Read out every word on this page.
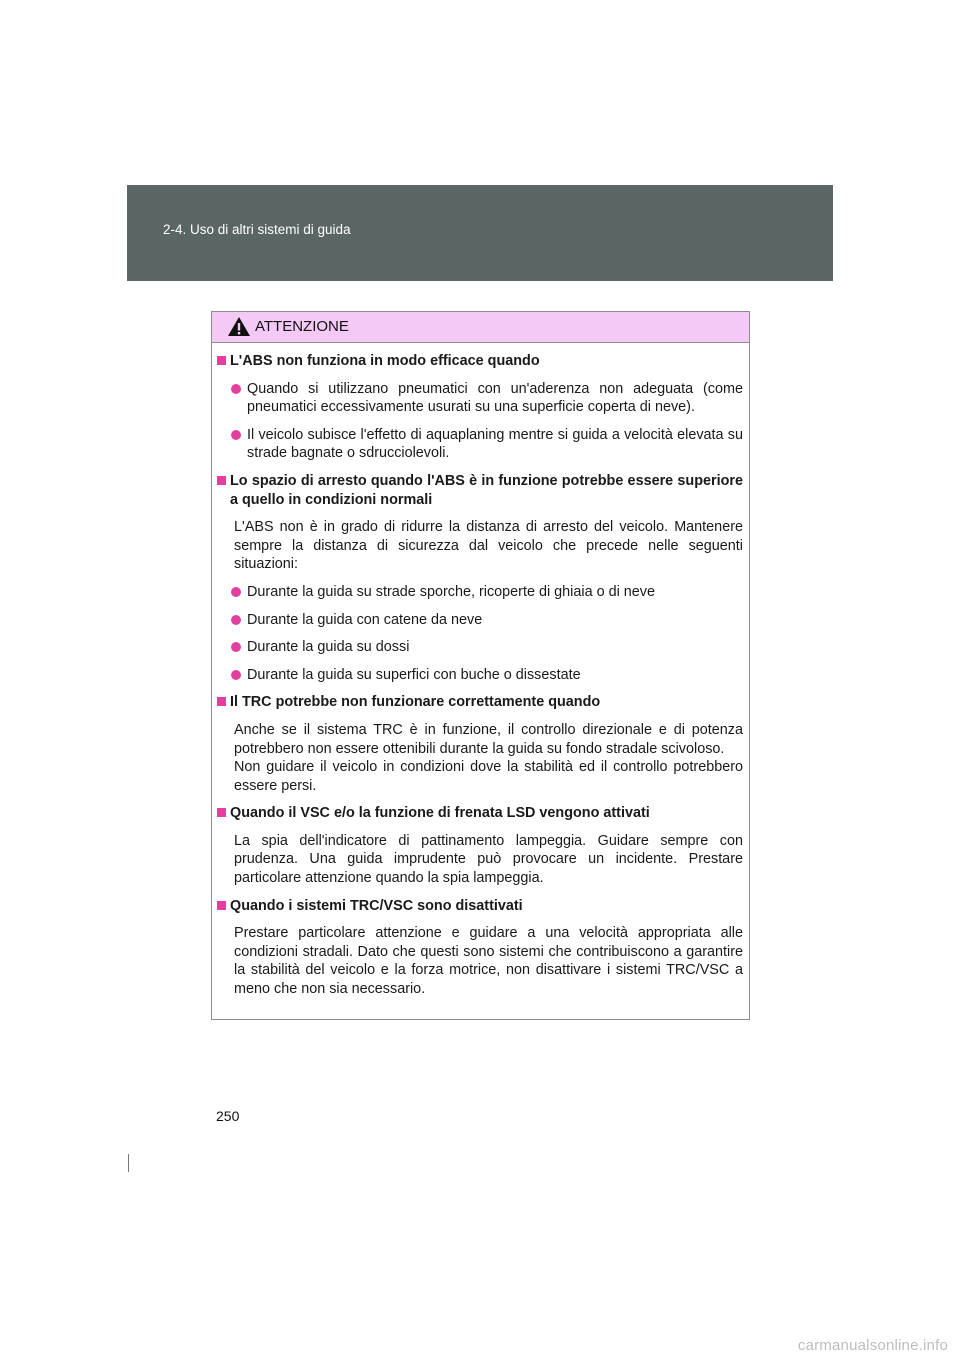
2-4. Uso di altri sistemi di guida
ATTENZIONE

L'ABS non funziona in modo efficace quando

Quando si utilizzano pneumatici con un'aderenza non adeguata (come pneumatici eccessivamente usurati su una superficie coperta di neve).

Il veicolo subisce l'effetto di aquaplaning mentre si guida a velocità elevata su strade bagnate o sdrucciolevoli.

Lo spazio di arresto quando l'ABS è in funzione potrebbe essere superiore a quello in condizioni normali

L'ABS non è in grado di ridurre la distanza di arresto del veicolo. Mantenere sempre la distanza di sicurezza dal veicolo che precede nelle seguenti situazioni:

Durante la guida su strade sporche, ricoperte di ghiaia o di neve

Durante la guida con catene da neve

Durante la guida su dossi

Durante la guida su superfici con buche o dissestate

Il TRC potrebbe non funzionare correttamente quando

Anche se il sistema TRC è in funzione, il controllo direzionale e di potenza potrebbero non essere ottenibili durante la guida su fondo stradale scivoloso.

Non guidare il veicolo in condizioni dove la stabilità ed il controllo potrebbero essere persi.

Quando il VSC e/o la funzione di frenata LSD vengono attivati

La spia dell'indicatore di pattinamento lampeggia. Guidare sempre con prudenza. Una guida imprudente può provocare un incidente. Prestare particolare attenzione quando la spia lampeggia.

Quando i sistemi TRC/VSC sono disattivati

Prestare particolare attenzione e guidare a una velocità appropriata alle condizioni stradali. Dato che questi sono sistemi che contribuiscono a garantire la stabilità del veicolo e la forza motrice, non disattivare i sistemi TRC/VSC a meno che non sia necessario.

250
carmanualsonline.info
